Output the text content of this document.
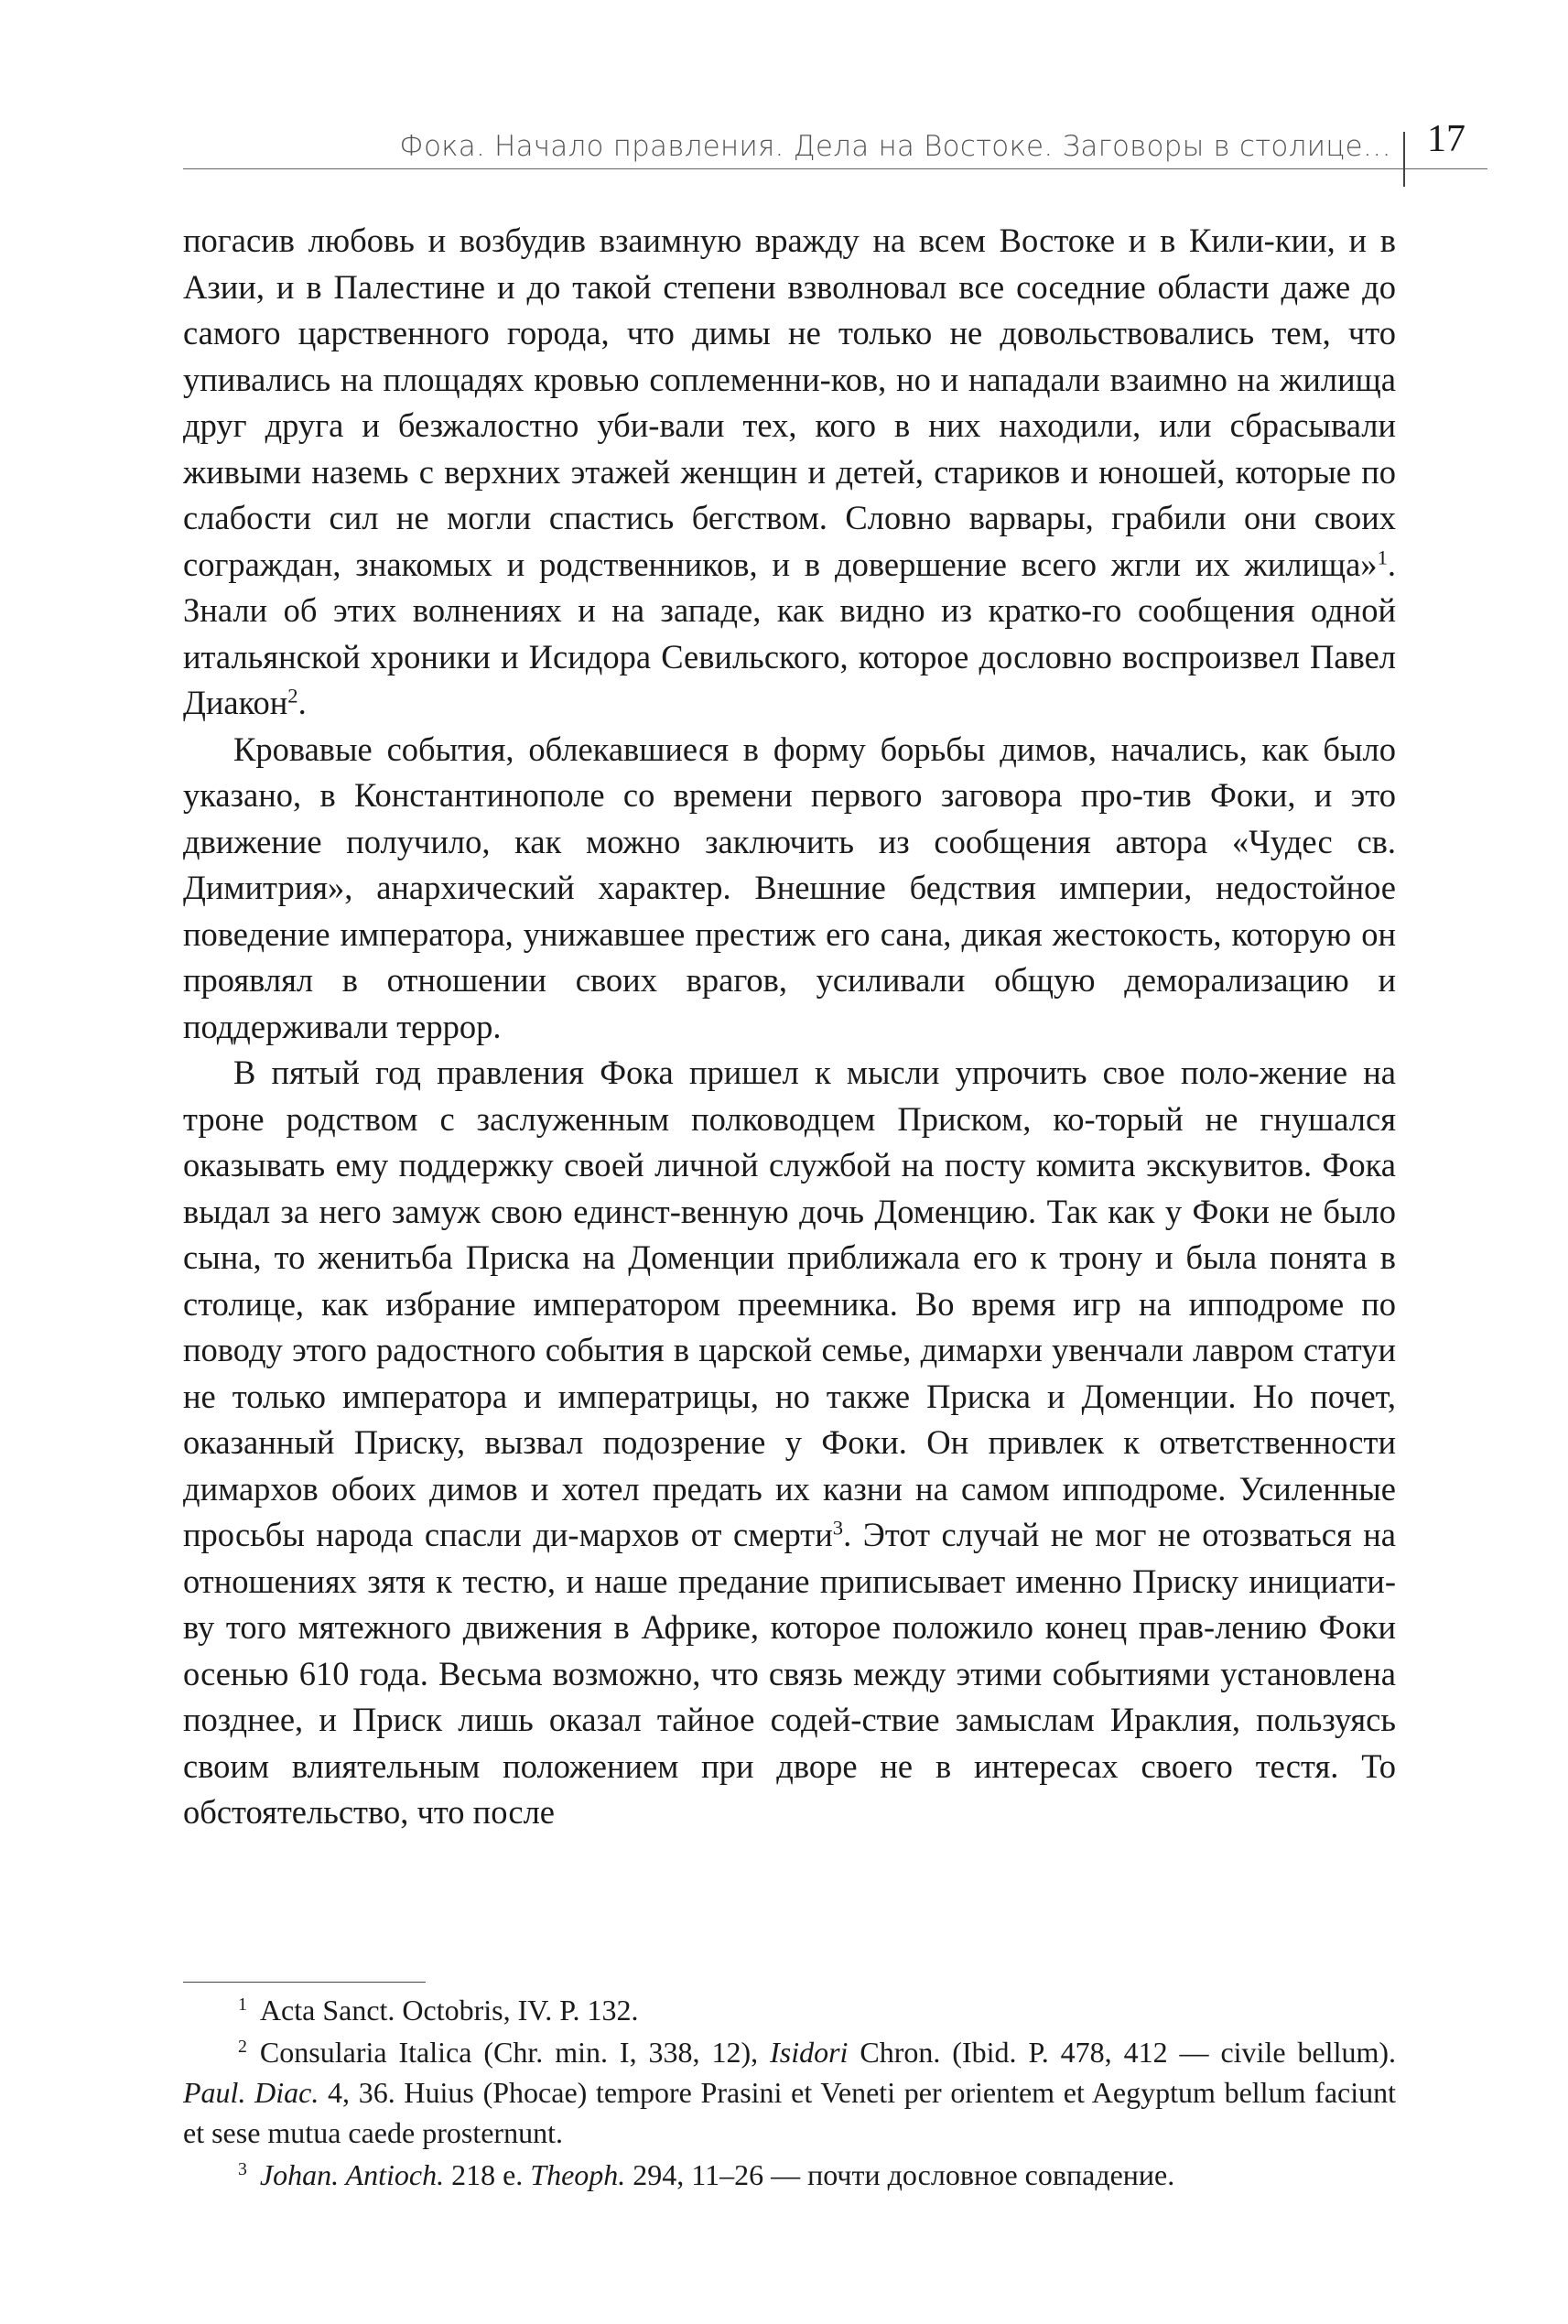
Фока. Начало правления. Дела на Востоке. Заговоры в столице… 17

погасив любовь и возбудив взаимную вражду на всем Востоке и в Кили-кии, и в Азии, и в Палестине и до такой степени взволновал все соседние области даже до самого царственного города, что димы не только не довольствовались тем, что упивались на площадях кровью соплеменни-ков, но и нападали взаимно на жилища друг друга и безжалостно уби-вали тех, кого в них находили, или сбрасывали живыми наземь с верхних этажей женщин и детей, стариков и юношей, которые по слабости сил не могли спастись бегством. Словно варвары, грабили они своих сограждан, знакомых и родственников, и в довершение всего жгли их жилища»$^1$. Знали об этих волнениях и на западе, как видно из кратко-го сообщения одной итальянской хроники и Исидора Севильского, которое дословно воспроизвел Павел Диакон$^2$.

Кровавые события, облекавшиеся в форму борьбы димов, начались, как было указано, в Константинополе со времени первого заговора про-тив Фоки, и это движение получило, как можно заключить из сообщения автора «Чудес св. Димитрия», анархический характер. Внешние бедствия империи, недостойное поведение императора, унижавшее престиж его сана, дикая жестокость, которую он проявлял в отношении своих врагов, усиливали общую деморализацию и поддерживали террор.

В пятый год правления Фока пришел к мысли упрочить свое поло-жение на троне родством с заслуженным полководцем Приском, ко-торый не гнушался оказывать ему поддержку своей личной службой на посту комита экскувитов. Фока выдал за него замуж свою единст-венную дочь Доменцию. Так как у Фоки не было сына, то женитьба Приска на Доменции приближала его к трону и была понята в столице, как избрание императором преемника. Во время игр на ипподроме по поводу этого радостного события в царской семье, димархи увенчали лавром статуи не только императора и императрицы, но также Приска и Доменции. Но почет, оказанный Приску, вызвал подозрение у Фоки. Он привлек к ответственности димархов обоих димов и хотел предать их казни на самом ипподроме. Усиленные просьбы народа спасли ди-мархов от смерти$^3$. Этот случай не мог не отозваться на отношениях зятя к тестю, и наше предание приписывает именно Приску инициати-ву того мятежного движения в Африке, которое положило конец прав-лению Фоки осенью 610 года. Весьма возможно, что связь между этими событиями установлена позднее, и Приск лишь оказал тайное содей-ствие замыслам Ираклия, пользуясь своим влиятельным положением при дворе не в интересах своего тестя. То обстоятельство, что после

$^1$ Acta Sanct. Octobris, IV. P. 132.

$^2$ Consularia Italica (Chr. min. I, 338, 12), Isidori Chron. (Ibid. P. 478, 412 — civile bellum). Paul. Diac. 4, 36. Huius (Phocae) tempore Prasini et Veneti per orientem et Aegyptum bellum faciunt et sese mutua caede prosternunt.

$^3$ Johan. Antioch. 218 e. Theoph. 294, 11–26 — почти дословное совпадение.
